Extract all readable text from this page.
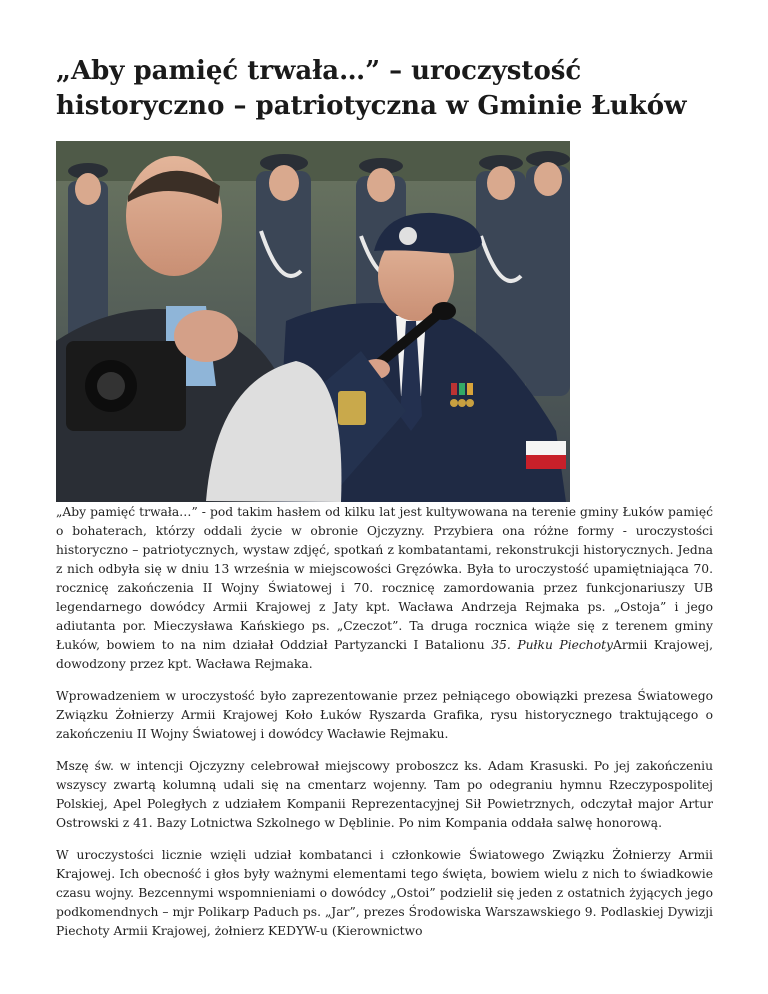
„Aby pamięć trwała…” – uroczystość historyczno – patriotyczna w Gminie Łuków

„Aby pamięć trwała…” - pod takim hasłem od kilku lat jest kultywowana na terenie gminy Łuków pamięć o bohaterach, którzy oddali życie w obronie Ojczyzny. Przybiera ona różne formy - uroczystości historyczno – patriotycznych, wystaw zdjęć, spotkań z kombatantami, rekonstrukcji historycznych. Jedna z nich odbyła się w dniu 13 września w miejscowości Gręzówka. Była to uroczystość upamiętniająca 70. rocznicę zakończenia II Wojny Światowej i 70. rocznicę zamordowania przez funkcjonariuszy UB legendarnego dowódcy Armii Krajowej z Jaty kpt. Wacława Andrzeja Rejmaka ps. „Ostoja” i jego adiutanta por. Mieczysława Kańskiego ps. „Czeczot”. Ta druga rocznica wiąże się z terenem gminy Łuków, bowiem to na nim działał Oddział Partyzancki I Batalionu 35. Pułku PiechotyArmii Krajowej, dowodzony przez kpt. Wacława Rejmaka.

Wprowadzeniem w uroczystość było zaprezentowanie przez pełniącego obowiązki prezesa Światowego Związku Żołnierzy Armii Krajowej Koło Łuków Ryszarda Grafika, rysu historycznego traktującego o zakończeniu II Wojny Światowej i dowódcy Wacławie Rejmaku.

Mszę św. w intencji Ojczyzny celebrował miejscowy proboszcz ks. Adam Krasuski. Po jej zakończeniu wszyscy zwartą kolumną udali się na cmentarz wojenny. Tam po odegraniu hymnu Rzeczypospolitej Polskiej, Apel Poległych z udziałem Kompanii Reprezentacyjnej Sił Powietrznych, odczytał major Artur Ostrowski z 41. Bazy Lotnictwa Szkolnego w Dęblinie. Po nim Kompania oddała salwę honorową.

W uroczystości licznie wzięli udział kombatanci i członkowie Światowego Związku Żołnierzy Armii Krajowej. Ich obecność i głos były ważnymi elementami tego święta, bowiem wielu z nich to świadkowie czasu wojny. Bezcennymi wspomnieniami o dowódcy „Ostoi” podzielił się jeden z ostatnich żyjących jego podkomendnych – mjr Polikarp Paduch ps. „Jar”, prezes Środowiska Warszawskiego 9. Podlaskiej Dywizji Piechoty Armii Krajowej, żołnierz KEDYW-u (Kierownictwo
